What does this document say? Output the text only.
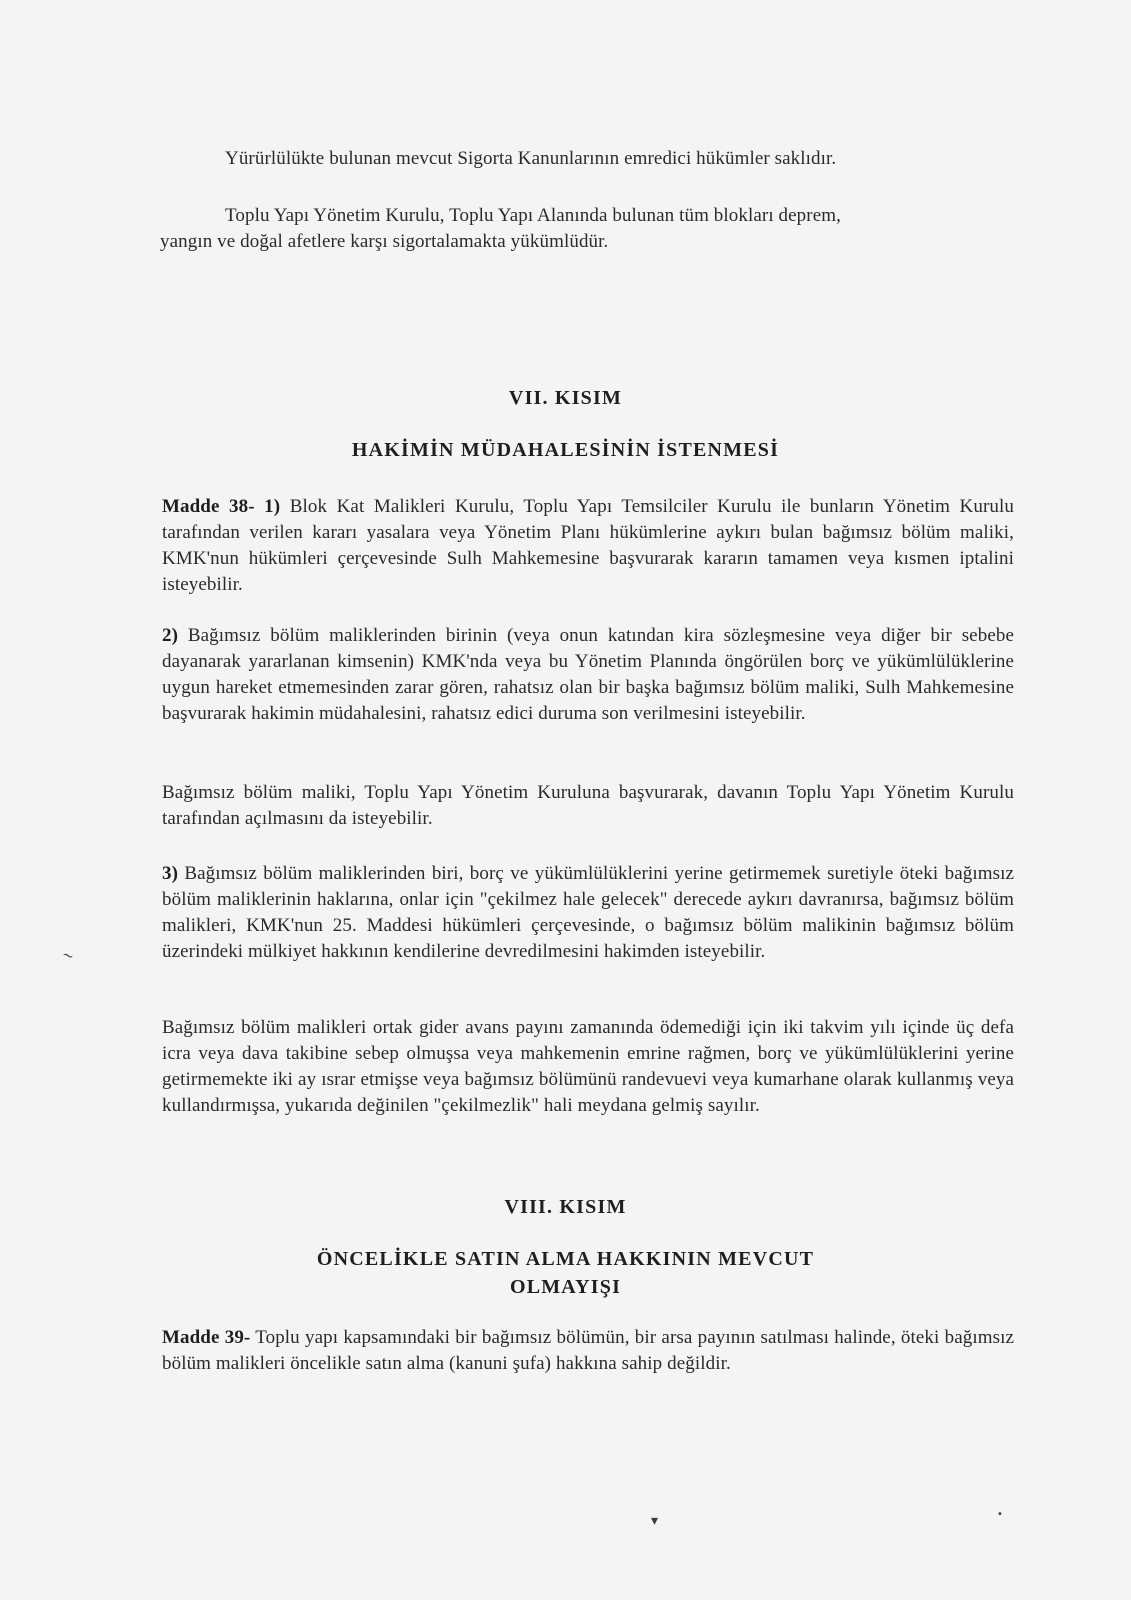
Yürürlülükte bulunan mevcut Sigorta Kanunlarının emredici hükümler saklıdır.
Toplu Yapı Yönetim Kurulu, Toplu Yapı Alanında bulunan tüm blokları deprem,
yangın ve doğal afetlere karşı sigortalamakta yükümlüdür.
VII. KISIM
HAKİMİN MÜDAHALESİNİN İSTENMESİ
Madde 38- 1) Blok Kat Malikleri Kurulu, Toplu Yapı Temsilciler Kurulu ile bunların Yönetim Kurulu tarafından verilen kararı yasalara veya Yönetim Planı hükümlerine aykırı bulan bağımsız bölüm maliki, KMK'nun hükümleri çerçevesinde Sulh Mahkemesine başvurarak kararın tamamen veya kısmen iptalini isteyebilir.
2) Bağımsız bölüm maliklerinden birinin (veya onun katından kira sözleşmesine veya diğer bir sebebe dayanarak yararlanan kimsenin) KMK'nda veya bu Yönetim Planında öngörülen borç ve yükümlülüklerine uygun hareket etmemesinden zarar gören, rahatsız olan bir başka bağımsız bölüm maliki, Sulh Mahkemesine başvurarak hakimin müdahalesini, rahatsız edici duruma son verilmesini isteyebilir.
Bağımsız bölüm maliki, Toplu Yapı Yönetim Kuruluna başvurarak, davanın Toplu Yapı Yönetim Kurulu tarafından açılmasını da isteyebilir.
3) Bağımsız bölüm maliklerinden biri, borç ve yükümlülüklerini yerine getirmemek suretiyle öteki bağımsız bölüm maliklerinin haklarına, onlar için "çekilmez hale gelecek" derecede aykırı davranırsa, bağımsız bölüm malikleri, KMK'nun 25. Maddesi hükümleri çerçevesinde, o bağımsız bölüm malikinin bağımsız bölüm üzerindeki mülkiyet hakkının kendilerine devredilmesini hakimden isteyebilir.
Bağımsız bölüm malikleri ortak gider avans payını zamanında ödemediği için iki takvim yılı içinde üç defa icra veya dava takibine sebep olmuşsa veya mahkemenin emrine rağmen, borç ve yükümlülüklerini yerine getirmemekte iki ay ısrar etmişse veya bağımsız bölümünü randevuevi veya kumarhane olarak kullanmış veya kullandırmışsa, yukarıda değinilen "çekilmezlik" hali meydana gelmiş sayılır.
VIII. KISIM
ÖNCELİKLE SATIN ALMA HAKKININ MEVCUT
OLMAYIŞI
Madde 39- Toplu yapı kapsamındaki bir bağımsız bölümün, bir arsa payının satılması halinde, öteki bağımsız bölüm malikleri öncelikle satın alma (kanuni şufa) hakkına sahip değildir.
~
▾	•
